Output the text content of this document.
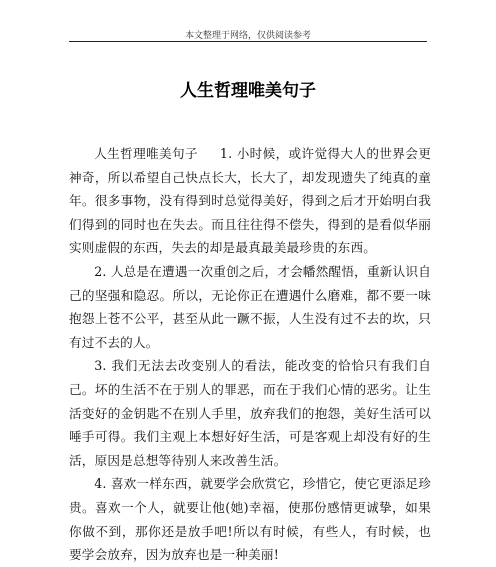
本文整理于网络，仅供阅读参考
人生哲理唯美句子

人生哲理唯美句子 1. 小时候，或许觉得大人的世界会更神奇，所以希望自己快点长大，长大了，却发现遗失了纯真的童年。很多事物，没有得到时总觉得美好，得到之后才开始明白我们得到的同时也在失去。而且往往得不偿失，得到的是看似华丽实则虚假的东西，失去的却是最真最美最珍贵的东西。

2. 人总是在遭遇一次重创之后，才会幡然醒悟，重新认识自己的坚强和隐忍。所以，无论你正在遭遇什么磨难，都不要一味抱怨上苍不公平，甚至从此一蹶不振，人生没有过不去的坎，只有过不去的人。

3. 我们无法去改变别人的看法，能改变的恰恰只有我们自己。坏的生活不在于别人的罪恶，而在于我们心情的恶劣。让生活变好的金钥匙不在别人手里，放弃我们的抱怨，美好生活可以唾手可得。我们主观上本想好好生活，可是客观上却没有好的生活，原因是总想等待别人来改善生活。

4. 喜欢一样东西，就要学会欣赏它，珍惜它，使它更添足珍贵。喜欢一个人，就要让他(她)幸福，使那份感情更诚挚，如果你做不到，那你还是放手吧!所以有时候，有些人，有时候，也要学会放弃，因为放弃也是一种美丽!
